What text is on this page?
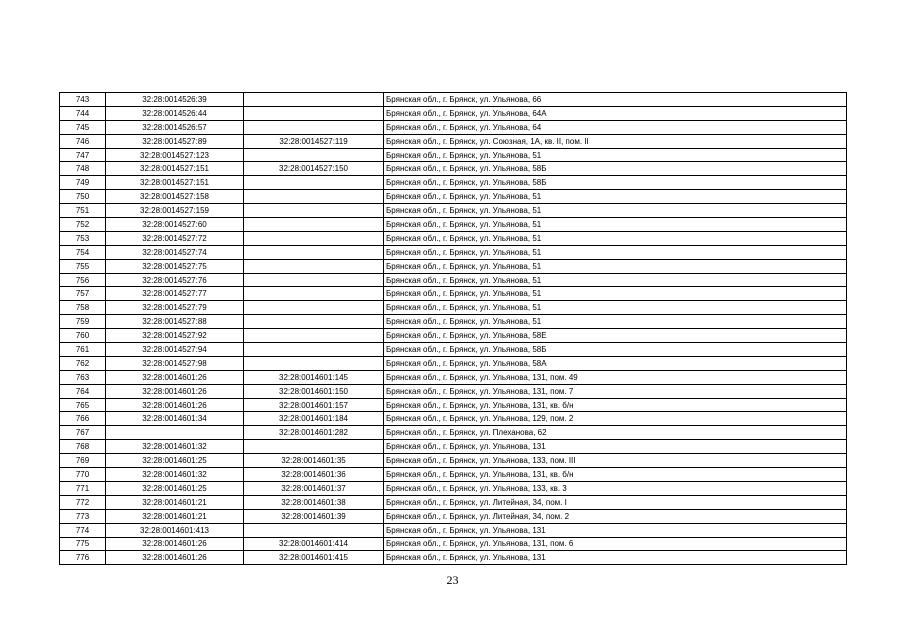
743	32:28:0014526:39		Брянская обл., г. Брянск, ул. Ульянова, 66
744	32:28:0014526:44		Брянская обл., г. Брянск, ул. Ульянова, 64А
745	32:28:0014526:57		Брянская обл., г. Брянск, ул. Ульянова, 64
746	32:28:0014527:89	32:28:0014527:119	Брянская обл., г. Брянск, ул. Союзная, 1А, кв. II, пом. II
747	32:28:0014527:123		Брянская обл., г. Брянск, ул. Ульянова, 51
748	32:28:0014527:151	32:28:0014527:150	Брянская обл., г. Брянск, ул. Ульянова, 58Б
749	32:28:0014527:151		Брянская обл., г. Брянск, ул. Ульянова, 58Б
750	32:28:0014527:158		Брянская обл., г. Брянск, ул. Ульянова, 51
751	32:28:0014527:159		Брянская обл., г. Брянск, ул. Ульянова, 51
752	32:28:0014527:60		Брянская обл., г. Брянск, ул. Ульянова, 51
753	32:28:0014527:72		Брянская обл., г. Брянск, ул. Ульянова, 51
754	32:28:0014527:74		Брянская обл., г. Брянск, ул. Ульянова, 51
755	32:28:0014527:75		Брянская обл., г. Брянск, ул. Ульянова, 51
756	32:28:0014527:76		Брянская обл., г. Брянск, ул. Ульянова, 51
757	32:28:0014527:77		Брянская обл., г. Брянск, ул. Ульянова, 51
758	32:28:0014527:79		Брянская обл., г. Брянск, ул. Ульянова, 51
759	32:28:0014527:88		Брянская обл., г. Брянск, ул. Ульянова, 51
760	32:28:0014527:92		Брянская обл., г. Брянск, ул. Ульянова, 58Е
761	32:28:0014527:94		Брянская обл., г. Брянск, ул. Ульянова, 58Б
762	32:28:0014527:98		Брянская обл., г. Брянск, ул. Ульянова, 58А
763	32:28:0014601:26	32:28:0014601:145	Брянская обл., г. Брянск, ул. Ульянова, 131, пом. 49
764	32:28:0014601:26	32:28:0014601:150	Брянская обл., г. Брянск, ул. Ульянова, 131, пом. 7
765	32:28:0014601:26	32:28:0014601:157	Брянская обл., г. Брянск, ул. Ульянова, 131, кв. б/н
766	32:28:0014601:34	32:28:0014601:184	Брянская обл., г. Брянск, ул. Ульянова, 129, пом. 2
767		32:28:0014601:282	Брянская обл., г. Брянск, ул. Плеханова, 62
768	32:28:0014601:32		Брянская обл., г. Брянск, ул. Ульянова, 131
769	32:28:0014601:25	32:28:0014601:35	Брянская обл., г. Брянск, ул. Ульянова, 133, пом. III
770	32:28:0014601:32	32:28:0014601:36	Брянская обл., г. Брянск, ул. Ульянова, 131, кв. б/н
771	32:28:0014601:25	32:28:0014601:37	Брянская обл., г. Брянск, ул. Ульянова, 133, кв. 3
772	32:28:0014601:21	32:28:0014601:38	Брянская обл., г. Брянск, ул. Литейная, 34, пом. I
773	32:28:0014601:21	32:28:0014601:39	Брянская обл., г. Брянск, ул. Литейная, 34, пом. 2
774	32:28:0014601:413		Брянская обл., г. Брянск, ул. Ульянова, 131
775	32:28:0014601:26	32:28:0014601:414	Брянская обл., г. Брянск, ул. Ульянова, 131, пом. 6
776	32:28:0014601:26	32:28:0014601:415	Брянская обл., г. Брянск, ул. Ульянова, 131
23
